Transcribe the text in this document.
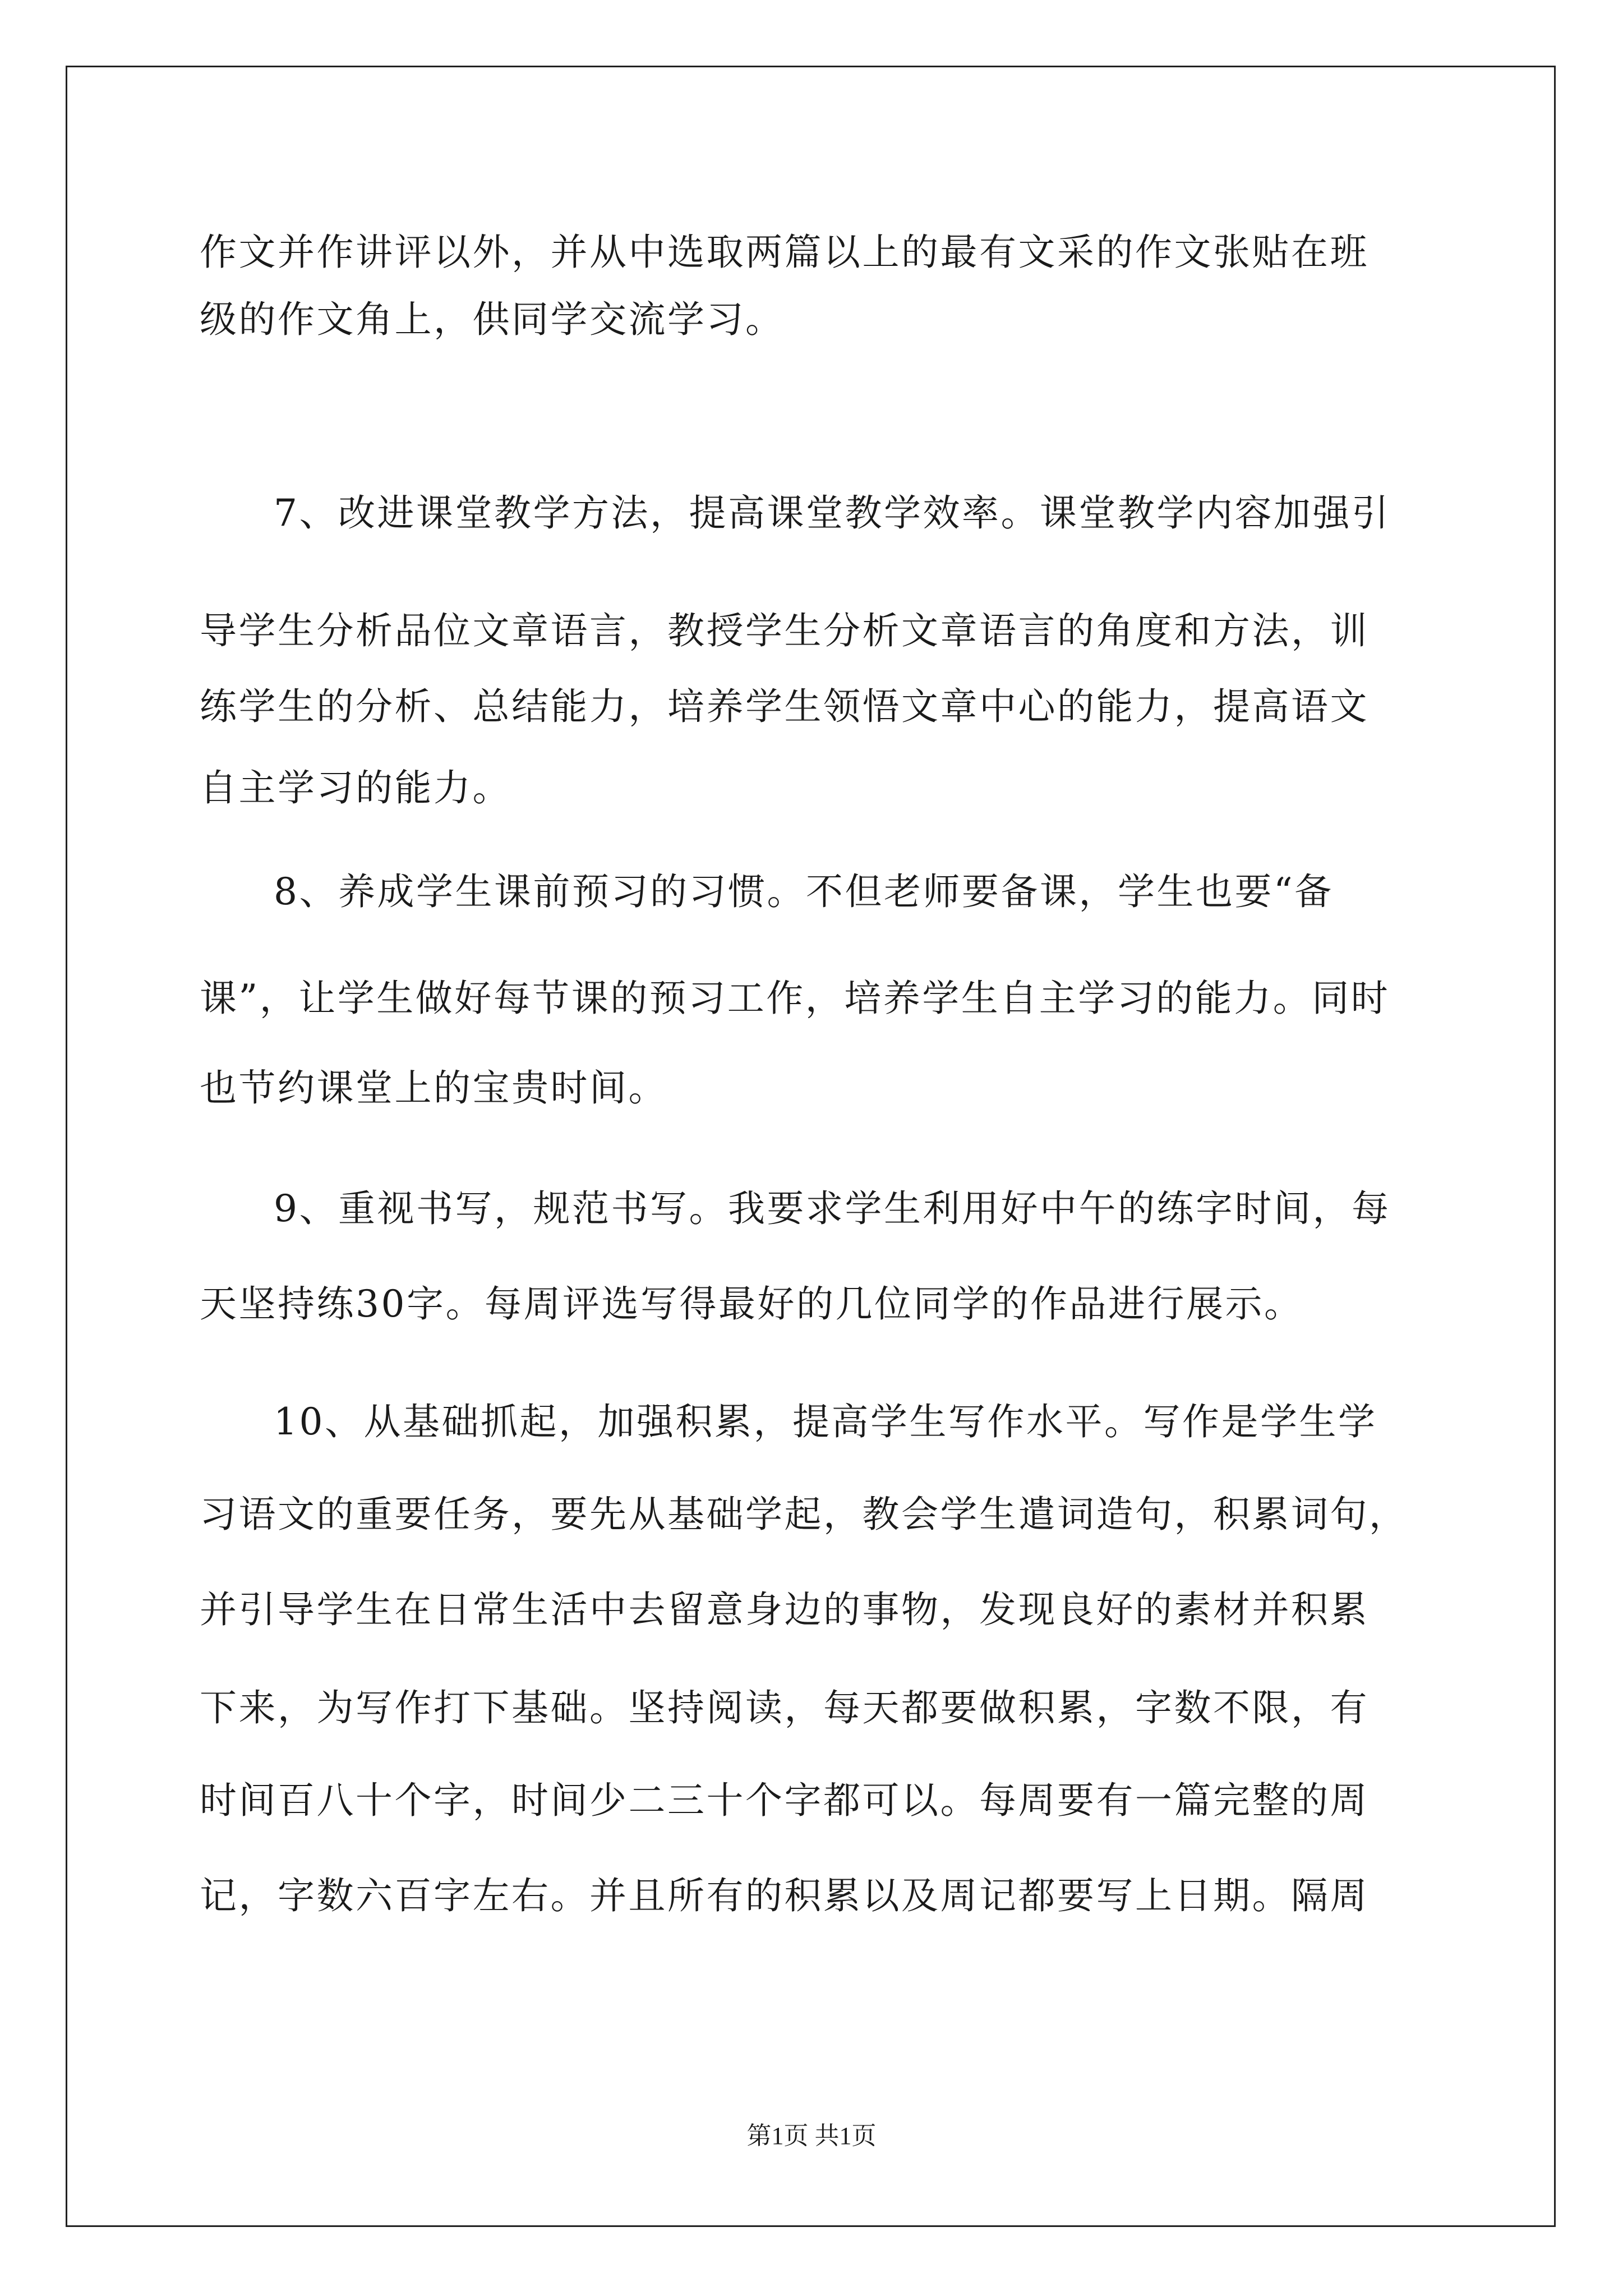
作文并作讲评以外，并从中选取两篇以上的最有文采的作文张贴在班
级的作文角上，供同学交流学习。
7、改进课堂教学方法，提高课堂教学效率。课堂教学内容加强引
导学生分析品位文章语言，教授学生分析文章语言的角度和方法，训
练学生的分析、总结能力，培养学生领悟文章中心的能力，提高语文
自主学习的能力。
8、养成学生课前预习的习惯。不但老师要备课，学生也要“备
课”，让学生做好每节课的预习工作，培养学生自主学习的能力。同时
也节约课堂上的宝贵时间。
9、重视书写，规范书写。我要求学生利用好中午的练字时间，每
天坚持练30字。每周评选写得最好的几位同学的作品进行展示。
10、从基础抓起，加强积累，提高学生写作水平。写作是学生学
习语文的重要任务，要先从基础学起，教会学生遣词造句，积累词句，
并引导学生在日常生活中去留意身边的事物，发现良好的素材并积累
下来，为写作打下基础。坚持阅读，每天都要做积累，字数不限，有
时间百八十个字，时间少二三十个字都可以。每周要有一篇完整的周
记，字数六百字左右。并且所有的积累以及周记都要写上日期。隔周
第1页 共1页
